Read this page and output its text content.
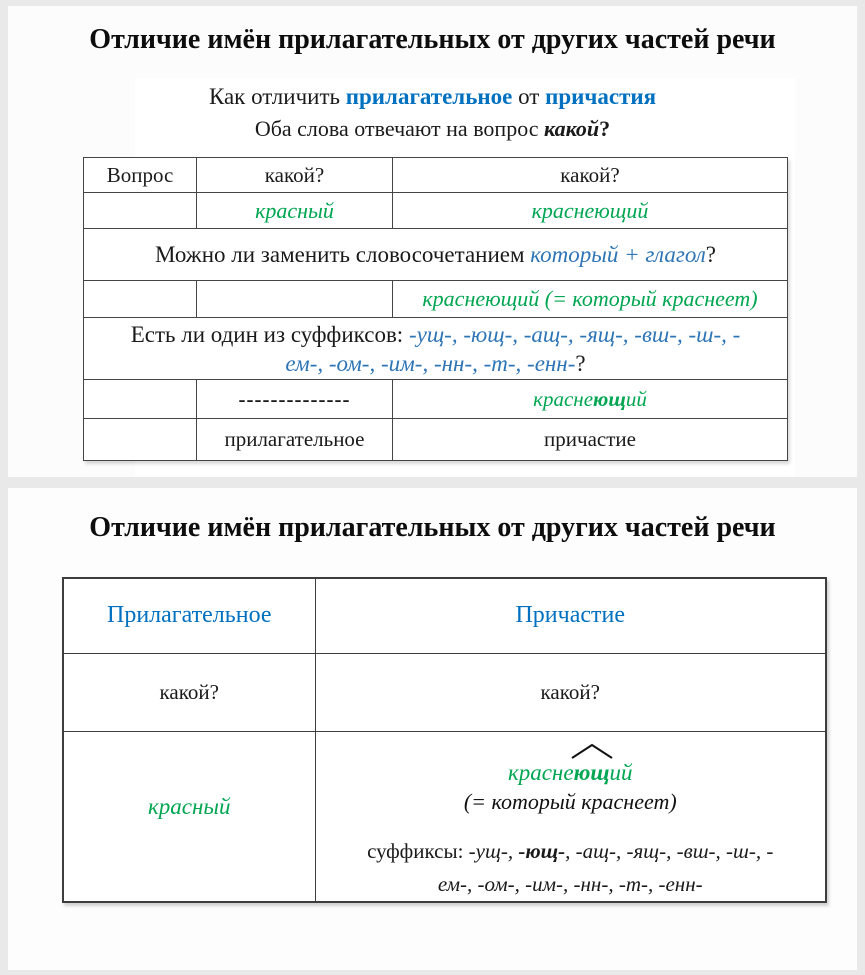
Отличие имён прилагательных от других частей речи
Как отличить прилагательное от причастия
Оба слова отвечают на вопрос какой?
Вопрос	какой?	какой?
	красный	краснеющий
Можно ли заменить словосочетанием который + глагол?		
		краснеющий (= который краснеет)
Есть ли один из суффиксов: -ущ-, -ющ-, -ащ-, -ящ-, -вш-, -ш-, -
ем-, -ом-, -им-, -нн-, -т-, -енн-?		
	--------------	краснеющий
	прилагательное	причастие
Отличие имён прилагательных от других частей речи
Прилагательное	Причастие
какой?	какой?
красный	красне
ющий
(= который краснеет)
суффиксы: -ущ-, -ющ-, -ащ-, -ящ-, -вш-, -ш-, -
ем-, -ом-, -им-, -нн-, -т-, -енн-
